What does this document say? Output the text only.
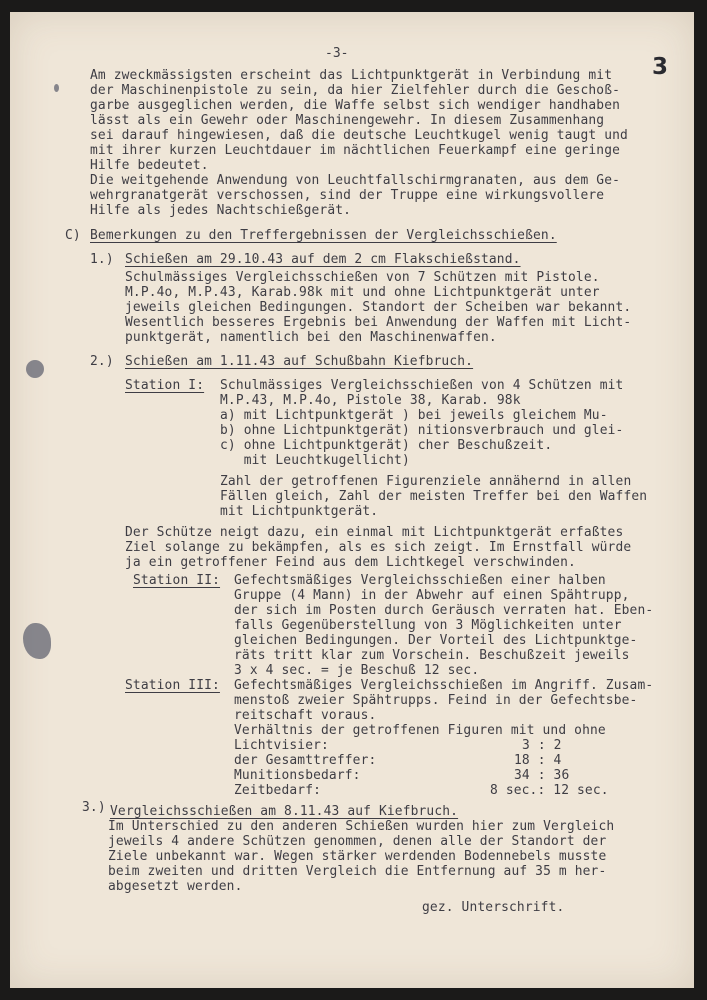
-3-
3
Am zweckmässigsten erscheint das Lichtpunktgerät in Verbindung mit
der Maschinenpistole zu sein, da hier Zielfehler durch die Geschoß-
garbe ausgeglichen werden, die Waffe selbst sich wendiger handhaben
lässt als ein Gewehr oder Maschinengewehr. In diesem Zusammenhang
sei darauf hingewiesen, daß die deutsche Leuchtkugel wenig taugt und
mit ihrer kurzen Leuchtdauer im nächtlichen Feuerkampf eine geringe
Hilfe bedeutet.
Die weitgehende Anwendung von Leuchtfallschirmgranaten, aus dem Ge-
wehrgranatgerät verschossen, sind der Truppe eine wirkungsvollere
Hilfe als jedes Nachtschießgerät.
C) Bemerkungen zu den Treffergebnissen der Vergleichsschießen.
1.) Schießen am 29.10.43 auf dem 2 cm Flakschießstand.
Schulmässiges Vergleichsschießen von 7 Schützen mit Pistole.
M.P.4o, M.P.43, Karab.98k mit und ohne Lichtpunktgerät unter
jeweils gleichen Bedingungen. Standort der Scheiben war bekannt.
Wesentlich besseres Ergebnis bei Anwendung der Waffen mit Licht-
punktgerät, namentlich bei den Maschinenwaffen.
2.) Schießen am 1.11.43 auf Schußbahn Kiefbruch.
Station I: Schulmässiges Vergleichsschießen von 4 Schützen mit
M.P.43, M.P.4o, Pistole 38, Karab. 98k
a) mit Lichtpunktgerät ) bei jeweils gleichem Mu-
b) ohne Lichtpunktgerät) nitionsverbrauch und glei-
c) ohne Lichtpunktgerät) cher Beschußzeit.
mit Leuchtkugellicht)
Zahl der getroffenen Figurenziele annähernd in allen
Fällen gleich, Zahl der meisten Treffer bei den Waffen
mit Lichtpunktgerät.
Der Schütze neigt dazu, ein einmal mit Lichtpunktgerät erfaßtes
Ziel solange zu bekämpfen, als es sich zeigt. Im Ernstfall würde
ja ein getroffener Feind aus dem Lichtkegel verschwinden.
Station II: Gefechtsmäßiges Vergleichsschießen einer halben
Gruppe (4 Mann) in der Abwehr auf einen Spähtrupp,
der sich im Posten durch Geräusch verraten hat. Eben-
falls Gegenüberstellung von 3 Möglichkeiten unter
gleichen Bedingungen. Der Vorteil des Lichtpunktge-
räts tritt klar zum Vorschein. Beschußzeit jeweils
3 x 4 sec. = je Beschuß 12 sec.
Station III: Gefechtsmäßiges Vergleichsschießen im Angriff. Zusam-
menstoß zweier Spähtrupps. Feind in der Gefechtsbe-
reitschaft voraus.
Verhältnis der getroffenen Figuren mit und ohne
Lichtvisier:	3 : 2
der Gesamttreffer:	18 : 4
Munitionsbedarf:	34 : 36
Zeitbedarf:	8 sec.: 12 sec.
3.) Vergleichsschießen am 8.11.43 auf Kiefbruch.
Im Unterschied zu den anderen Schießen wurden hier zum Vergleich
jeweils 4 andere Schützen genommen, denen alle der Standort der
Ziele unbekannt war. Wegen stärker werdenden Bodennebels musste
beim zweiten und dritten Vergleich die Entfernung auf 35 m her-
abgesetzt werden.
gez. Unterschrift.
